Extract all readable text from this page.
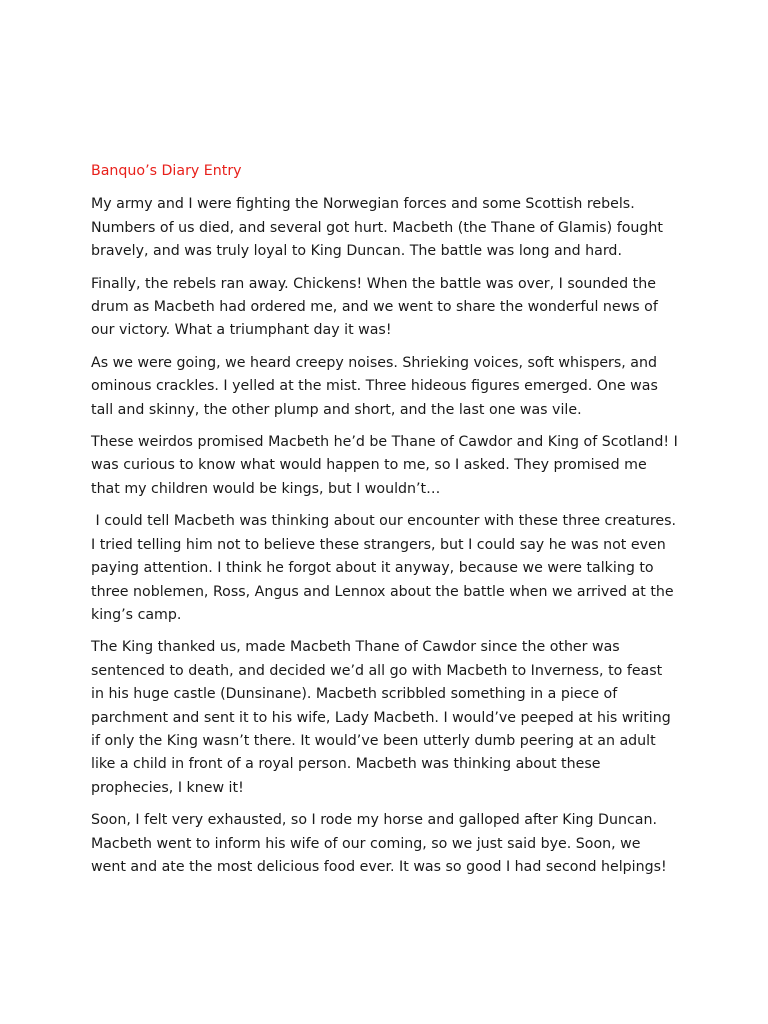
Banquo’s Diary Entry

My army and I were fighting the Norwegian forces and some Scottish rebels. Numbers of us died, and several got hurt. Macbeth (the Thane of Glamis) fought bravely, and was truly loyal to King Duncan. The battle was long and hard.

Finally, the rebels ran away. Chickens! When the battle was over, I sounded the drum as Macbeth had ordered me, and we went to share the wonderful news of our victory. What a triumphant day it was!

As we were going, we heard creepy noises. Shrieking voices, soft whispers, and ominous crackles. I yelled at the mist. Three hideous figures emerged. One was tall and skinny, the other plump and short, and the last one was vile.

These weirdos promised Macbeth he’d be Thane of Cawdor and King of Scotland! I was curious to know what would happen to me, so I asked. They promised me that my children would be kings, but I wouldn’t…

I could tell Macbeth was thinking about our encounter with these three creatures. I tried telling him not to believe these strangers, but I could say he was not even paying attention. I think he forgot about it anyway, because we were talking to three noblemen, Ross, Angus and Lennox about the battle when we arrived at the king’s camp.

The King thanked us, made Macbeth Thane of Cawdor since the other was sentenced to death, and decided we’d all go with Macbeth to Inverness, to feast in his huge castle (Dunsinane). Macbeth scribbled something in a piece of parchment and sent it to his wife, Lady Macbeth. I would’ve peeped at his writing if only the King wasn’t there. It would’ve been utterly dumb peering at an adult like a child in front of a royal person. Macbeth was thinking about these prophecies, I knew it!

Soon, I felt very exhausted, so I rode my horse and galloped after King Duncan. Macbeth went to inform his wife of our coming, so we just said bye. Soon, we went and ate the most delicious food ever. It was so good I had second helpings!
